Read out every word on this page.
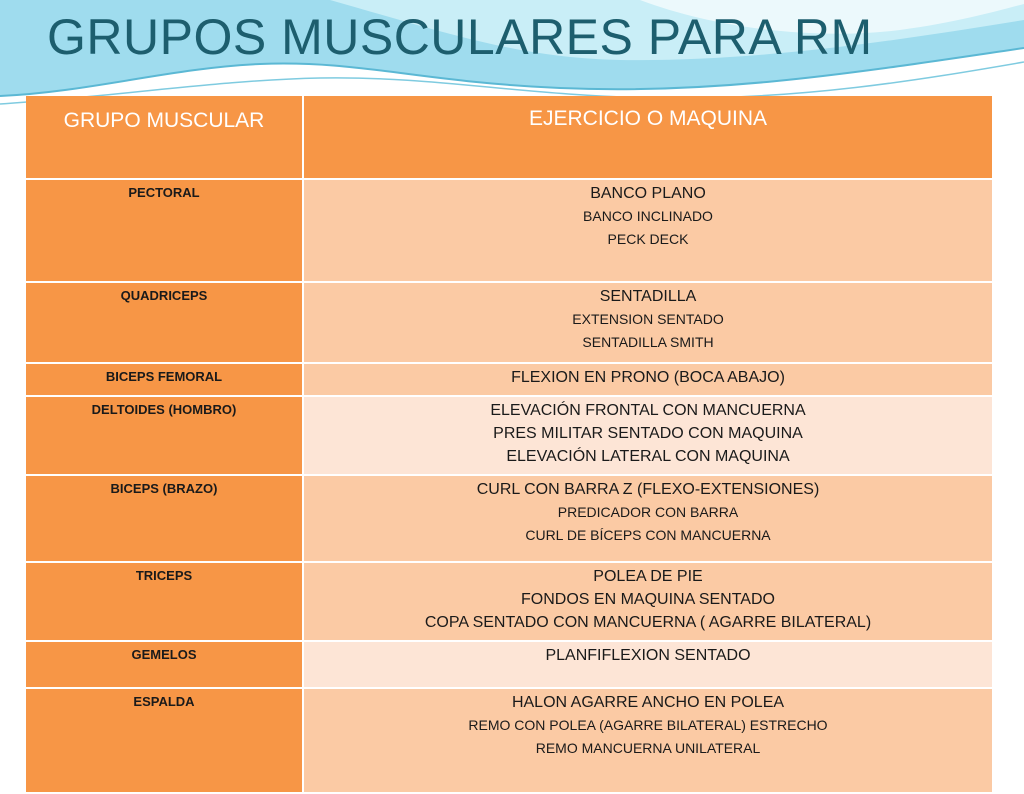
GRUPOS MUSCULARES PARA RM
GRUPO MUSCULAR	EJERCICIO O MAQUINA
PECTORAL	BANCO PLANO
BANCO INCLINADO
PECK DECK

QUADRICEPS	SENTADILLA
EXTENSION SENTADO
SENTADILLA SMITH

BICEPS FEMORAL	FLEXION EN PRONO (BOCA ABAJO)

DELTOIDES (HOMBRO)	ELEVACIÓN FRONTAL CON MANCUERNA
PRES MILITAR SENTADO CON MAQUINA
ELEVACIÓN LATERAL CON MAQUINA

BICEPS (BRAZO)	CURL CON BARRA Z (FLEXO-EXTENSIONES)
PREDICADOR CON BARRA
CURL DE BÍCEPS CON MANCUERNA

TRICEPS	POLEA DE PIE
FONDOS EN MAQUINA SENTADO
COPA SENTADO CON MANCUERNA ( AGARRE BILATERAL)

GEMELOS	PLANFIFLEXION SENTADO

ESPALDA	HALON AGARRE ANCHO EN POLEA
REMO CON POLEA (AGARRE BILATERAL) ESTRECHO
REMO MANCUERNA UNILATERAL
